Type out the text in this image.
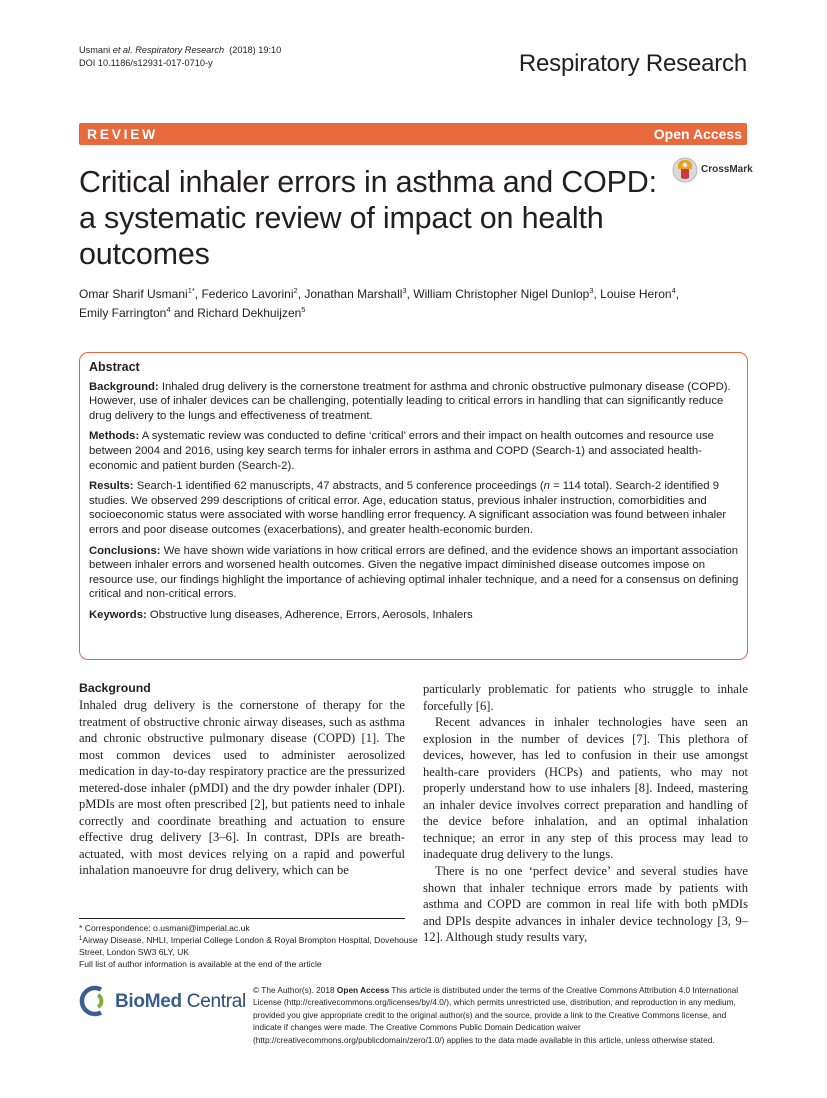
Usmani et al. Respiratory Research (2018) 19:10
DOI 10.1186/s12931-017-0710-y	Respiratory Research
REVIEW	Open Access
CrossMark
Critical inhaler errors in asthma and COPD:
a systematic review of impact on health
outcomes
Omar Sharif Usmani$^{1*}$, Federico Lavorini$^2$, Jonathan Marshall$^3$, William Christopher Nigel Dunlop$^3$, Louise Heron$^4$,
Emily Farrington$^4$ and Richard Dekhuijzen$^5$
Abstract

Background: Inhaled drug delivery is the cornerstone treatment for asthma and chronic obstructive pulmonary disease (COPD). However, use of inhaler devices can be challenging, potentially leading to critical errors in handling that can significantly reduce drug delivery to the lungs and effectiveness of treatment.

Methods: A systematic review was conducted to define ‘critical’ errors and their impact on health outcomes and resource use between 2004 and 2016, using key search terms for inhaler errors in asthma and COPD (Search-1) and associated health-economic and patient burden (Search-2).

Results: Search-1 identified 62 manuscripts, 47 abstracts, and 5 conference proceedings (n = 114 total). Search-2 identified 9 studies. We observed 299 descriptions of critical error. Age, education status, previous inhaler instruction, comorbidities and socioeconomic status were associated with worse handling error frequency. A significant association was found between inhaler errors and poor disease outcomes (exacerbations), and greater health-economic burden.

Conclusions: We have shown wide variations in how critical errors are defined, and the evidence shows an important association between inhaler errors and worsened health outcomes. Given the negative impact diminished disease outcomes impose on resource use, our findings highlight the importance of achieving optimal inhaler technique, and a need for a consensus on defining critical and non-critical errors.

Keywords: Obstructive lung diseases, Adherence, Errors, Aerosols, Inhalers

Background

Inhaled drug delivery is the cornerstone of therapy for the treatment of obstructive chronic airway diseases, such as asthma and chronic obstructive pulmonary disease (COPD) [1]. The most common devices used to administer aerosolized medication in day-to-day respiratory practice are the pressurized metered-dose inhaler (pMDI) and the dry powder inhaler (DPI). pMDIs are most often prescribed [2], but patients need to inhale correctly and coordinate breathing and actuation to ensure effective drug delivery [3–6]. In contrast, DPIs are breath-actuated, with most devices relying on a rapid and powerful inhalation manoeuvre for drug delivery, which can be

particularly problematic for patients who struggle to inhale forcefully [6].

Recent advances in inhaler technologies have seen an explosion in the number of devices [7]. This plethora of devices, however, has led to confusion in their use amongst health-care providers (HCPs) and patients, who may not properly understand how to use inhalers [8]. Indeed, mastering an inhaler device involves correct preparation and handling of the device before inhalation, and an optimal inhalation technique; an error in any step of this process may lead to inadequate drug delivery to the lungs.

There is no one ‘perfect device’ and several studies have shown that inhaler technique errors made by patients with asthma and COPD are common in real life with both pMDIs and DPIs despite advances in inhaler device technology [3, 9–12]. Although study results vary,

* Correspondence: o.usmani@imperial.ac.uk
$^1$Airway Disease, NHLI, Imperial College London & Royal Brompton Hospital, Dovehouse Street, London SW3 6LY, UK
Full list of author information is available at the end of the article
BioMed Central
© The Author(s). 2018 Open Access This article is distributed under the terms of the Creative Commons Attribution 4.0 International License (http://creativecommons.org/licenses/by/4.0/), which permits unrestricted use, distribution, and reproduction in any medium, provided you give appropriate credit to the original author(s) and the source, provide a link to the Creative Commons license, and indicate if changes were made. The Creative Commons Public Domain Dedication waiver (http://creativecommons.org/publicdomain/zero/1.0/) applies to the data made available in this article, unless otherwise stated.
